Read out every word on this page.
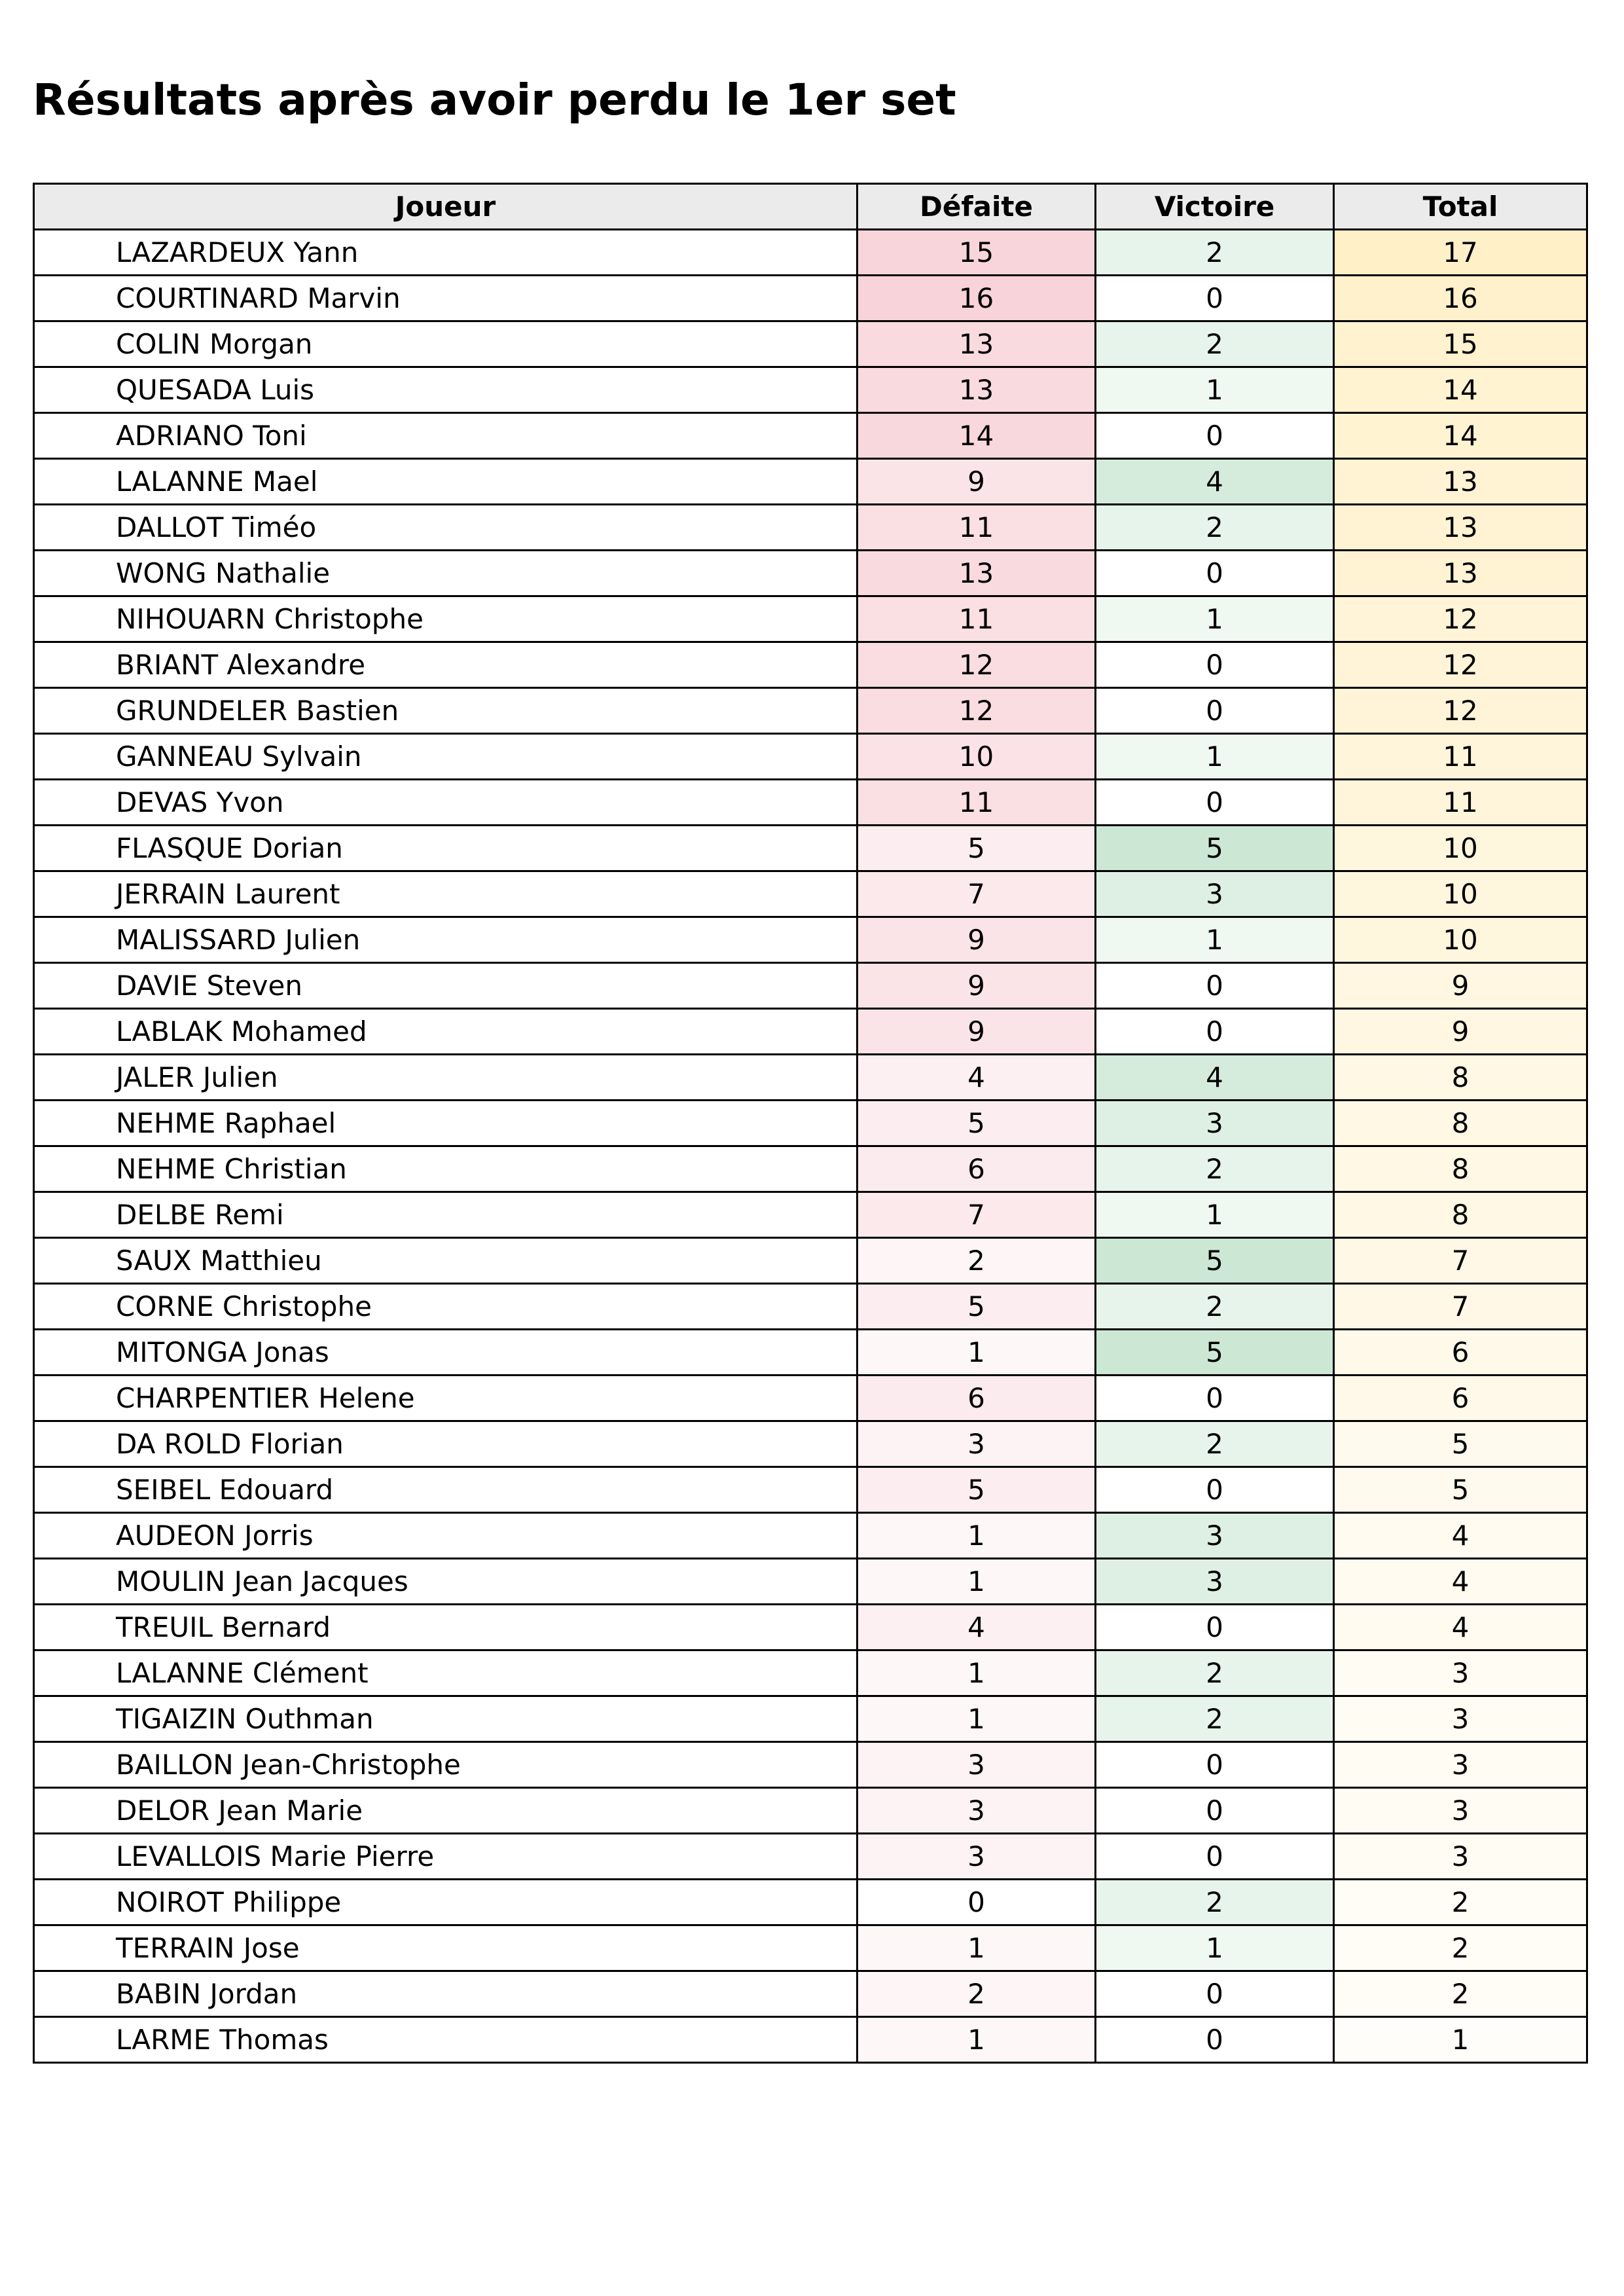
Résultats après avoir perdu le 1er set
Joueur	Défaite	Victoire	Total
LAZARDEUX Yann	15	2	17
COURTINARD Marvin	16	0	16
COLIN Morgan	13	2	15
QUESADA Luis	13	1	14
ADRIANO Toni	14	0	14
LALANNE Mael	9	4	13
DALLOT Timéo	11	2	13
WONG Nathalie	13	0	13
NIHOUARN Christophe	11	1	12
BRIANT Alexandre	12	0	12
GRUNDELER Bastien	12	0	12
GANNEAU Sylvain	10	1	11
DEVAS Yvon	11	0	11
FLASQUE Dorian	5	5	10
JERRAIN Laurent	7	3	10
MALISSARD Julien	9	1	10
DAVIE Steven	9	0	9
LABLAK Mohamed	9	0	9
JALER Julien	4	4	8
NEHME Raphael	5	3	8
NEHME Christian	6	2	8
DELBE Remi	7	1	8
SAUX Matthieu	2	5	7
CORNE Christophe	5	2	7
MITONGA Jonas	1	5	6
CHARPENTIER Helene	6	0	6
DA ROLD Florian	3	2	5
SEIBEL Edouard	5	0	5
AUDEON Jorris	1	3	4
MOULIN Jean Jacques	1	3	4
TREUIL Bernard	4	0	4
LALANNE Clément	1	2	3
TIGAIZIN Outhman	1	2	3
BAILLON Jean-Christophe	3	0	3
DELOR Jean Marie	3	0	3
LEVALLOIS Marie Pierre	3	0	3
NOIROT Philippe	0	2	2
TERRAIN Jose	1	1	2
BABIN Jordan	2	0	2
LARME Thomas	1	0	1
